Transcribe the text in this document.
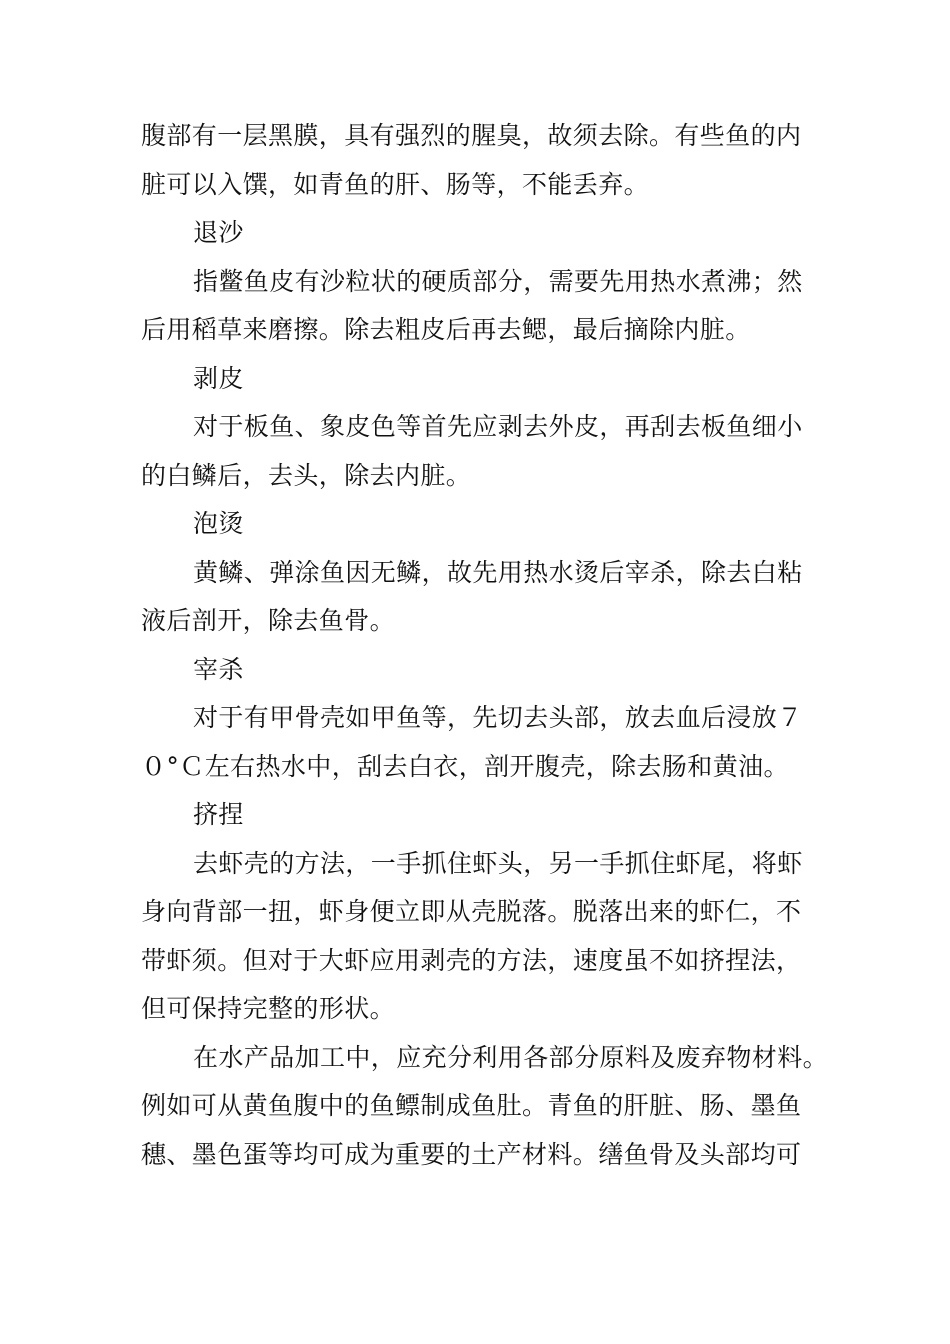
腹部有一层黑膜，具有强烈的腥臭，故须去除。有些鱼的内

脏可以入馔，如青鱼的肝、肠等，不能丢弃。

退沙

指鳖鱼皮有沙粒状的硬质部分，需要先用热水煮沸；然

后用稻草来磨擦。除去粗皮后再去鳃，最后摘除内脏。

剥皮

对于板鱼、象皮色等首先应剥去外皮，再刮去板鱼细小

的白鳞后，去头，除去内脏。

泡烫

黄鳞、弹涂鱼因无鳞，故先用热水烫后宰杀，除去白粘

液后剖开，除去鱼骨。

宰杀

对于有甲骨壳如甲鱼等，先切去头部，放去血后浸放７

０°Ｃ左右热水中，刮去白衣，剖开腹壳，除去肠和黄油。

挤捏

去虾壳的方法，一手抓住虾头，另一手抓住虾尾，将虾

身向背部一扭，虾身便立即从壳脱落。脱落出来的虾仁，不

带虾须。但对于大虾应用剥壳的方法，速度虽不如挤捏法，

但可保持完整的形状。

在水产品加工中，应充分利用各部分原料及废弃物材料。

例如可从黄鱼腹中的鱼鳔制成鱼肚。青鱼的肝脏、肠、墨鱼

穗、墨色蛋等均可成为重要的土产材料。缮鱼骨及头部均可
